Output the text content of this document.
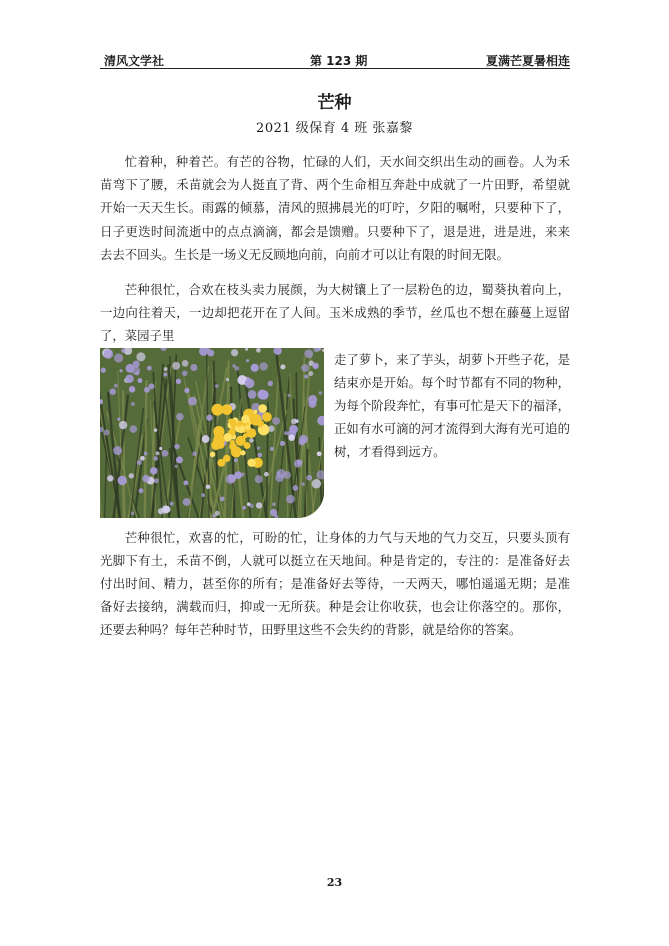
清风文学社	第 123 期	夏满芒夏暑相连
芒种
2021 级保育 4 班 张嘉黎

忙着种，种着芒。有芒的谷物，忙碌的人们，天水间交织出生动的画卷。人为禾苗弯下了腰，禾苗就会为人挺直了背、两个生命相互奔赴中成就了一片田野，希望就开始一天天生长。雨露的倾慕，清风的照拂晨光的叮咛，夕阳的嘱咐，只要种下了，日子更迭时间流逝中的点点滴滴，都会是馈赠。只要种下了，退是进，进是进，来来去去不回头。生长是一场义无反顾地向前，向前才可以让有限的时间无限。

芒种很忙，合欢在枝头卖力展颜，为大树镶上了一层粉色的边，蜀葵执着向上，一边向往着天，一边却把花开在了人间。玉米成熟的季节，丝瓜也不想在藤蔓上逗留了，菜园子里

走了萝卜，来了芋头，胡萝卜开些子花，是结束亦是开始。每个时节都有不同的物种，为每个阶段奔忙，有事可忙是天下的福泽，正如有水可滴的河才流得到大海有光可追的树，才看得到远方。

芒种很忙，欢喜的忙，可盼的忙，让身体的力气与天地的气力交互，只要头顶有光脚下有土，禾苗不倒，人就可以挺立在天地间。种是肯定的，专注的：是准备好去付出时间、精力，甚至你的所有；是准备好去等待，一天两天，哪怕遥遥无期；是准备好去接纳，满载而归，抑或一无所获。种是会让你收获，也会让你落空的。那你，还要去种吗？每年芒种时节，田野里这些不会失约的背影，就是给你的答案。

23
